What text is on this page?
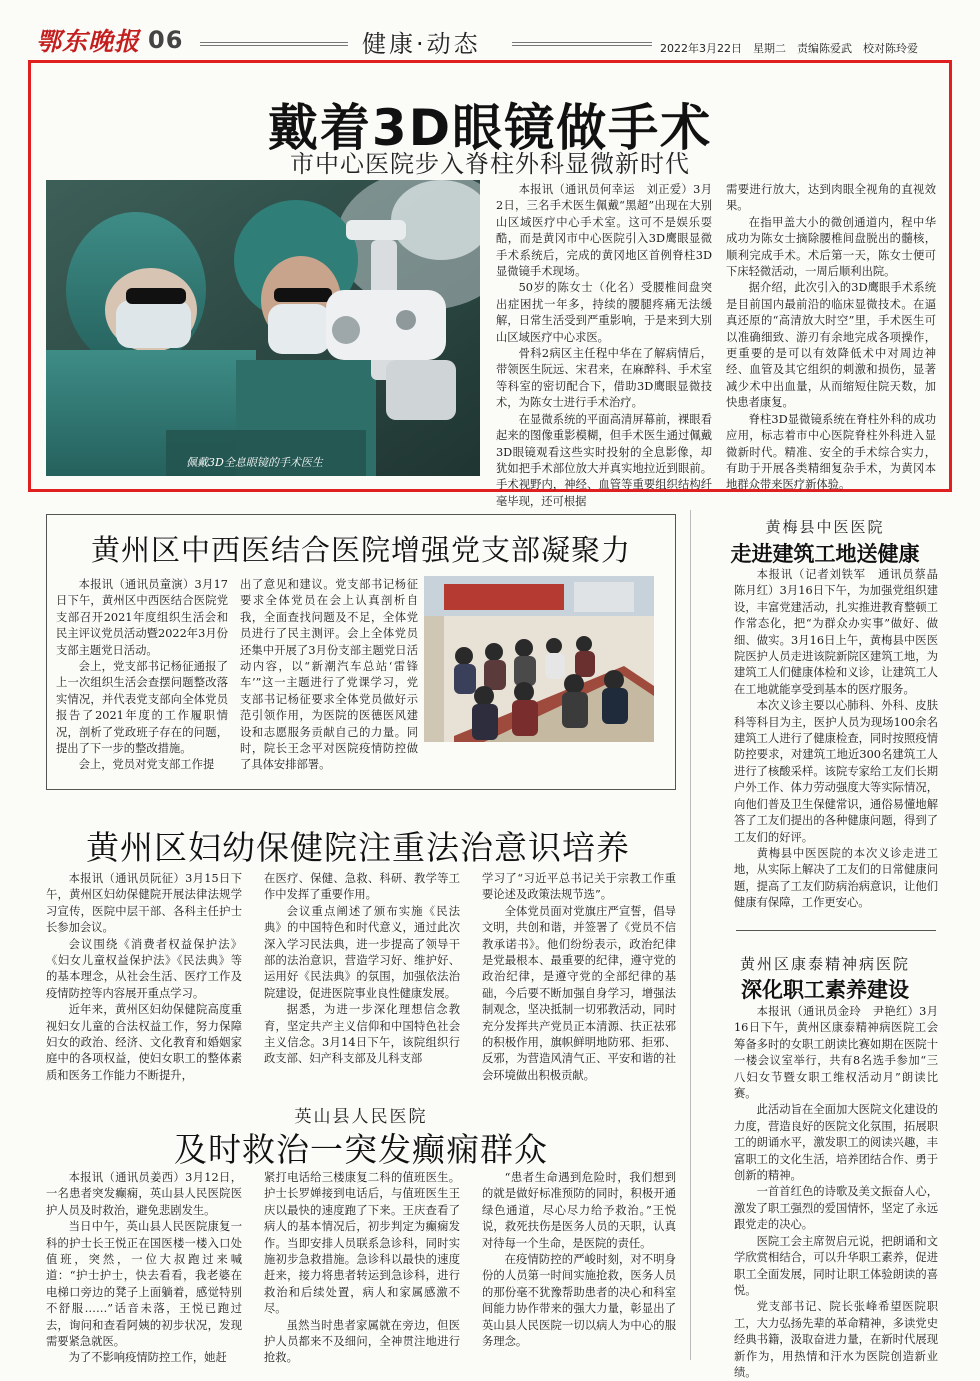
鄂东晚报 06	健康·动态	2022年3月22日　星期二　责编陈爱武　校对陈玲爱
戴着3D眼镜做手术
市中心医院步入脊柱外科显微新时代
佩戴3D全息眼镜的手术医生

本报讯（通讯员何幸运　刘正爱）3月2日，三名手术医生佩戴“黑超”出现在大别山区域医疗中心手术室。这可不是娱乐耍酷，而是黄冈市中心医院引入3D鹰眼显微手术系统后，完成的黄冈地区首例脊柱3D显微镜手术现场。

50岁的陈女士（化名）受腰椎间盘突出症困扰一年多，持续的腰腿疼痛无法缓解，日常生活受到严重影响，于是来到大别山区域医疗中心求医。

骨科2病区主任程中华在了解病情后，带领医生阮远、宋君来，在麻醉科、手术室等科室的密切配合下，借助3D鹰眼显微技术，为陈女士进行手术治疗。

在显微系统的平面高清屏幕前，裸眼看起来的图像重影模糊，但手术医生通过佩戴3D眼镜观看这些实时投射的全息影像，却犹如把手术部位放大并真实地拉近到眼前。手术视野内，神经、血管等重要组织结构纤毫毕现，还可根据

需要进行放大，达到肉眼全视角的直视效果。

在指甲盖大小的微创通道内，程中华成功为陈女士摘除腰椎间盘脱出的髓核，顺利完成手术。术后第一天，陈女士便可下床轻微活动，一周后顺利出院。

据介绍，此次引入的3D鹰眼手术系统是目前国内最前沿的临床显微技术。在逼真还原的“高清放大时空”里，手术医生可以准确细致、游刃有余地完成各项操作，更重要的是可以有效降低术中对周边神经、血管及其它组织的刺激和损伤，显著减少术中出血量，从而缩短住院天数，加快患者康复。

脊柱3D显微镜系统在脊柱外科的成功应用，标志着市中心医院脊柱外科进入显微新时代。精准、安全的手术综合实力，有助于开展各类精细复杂手术，为黄冈本地群众带来医疗新体验。

黄州区中西医结合医院增强党支部凝聚力

本报讯（通讯员童演）3月17日下午，黄州区中西医结合医院党支部召开2021年度组织生活会和民主评议党员活动暨2022年3月份支部主题党日活动。

会上，党支部书记杨征通报了上一次组织生活会查摆问题整改落实情况，并代表党支部向全体党员报告了2021年度的工作履职情况，剖析了党政班子存在的问题，提出了下一步的整改措施。

会上，党员对党支部工作提

出了意见和建议。党支部书记杨征要求全体党员在会上认真剖析自我，全面查找问题及不足，全体党员进行了民主测评。会上全体党员还集中开展了3月份支部主题党日活动内容，以“新潮汽车总站‘雷锋车’”这一主题进行了党课学习，党支部书记杨征要求全体党员做好示范引领作用，为医院的医德医风建设和志愿服务贡献自己的力量。同时，院长王念平对医院疫情防控做了具体安排部署。

黄州区妇幼保健院注重法治意识培养

本报讯（通讯员阮征）3月15日下午，黄州区妇幼保健院开展法律法规学习宣传，医院中层干部、各科主任护士长参加会议。

会议围绕《消费者权益保护法》《妇女儿童权益保护法》《民法典》等的基本理念，从社会生活、医疗工作及疫情防控等内容展开重点学习。

近年来，黄州区妇幼保健院高度重视妇女儿童的合法权益工作，努力保障妇女的政治、经济、文化教育和婚姻家庭中的各项权益，使妇女职工的整体素质和医务工作能力不断提升，

在医疗、保健、急救、科研、教学等工作中发挥了重要作用。

会议重点阐述了颁布实施《民法典》的中国特色和时代意义，通过此次深入学习民法典，进一步提高了领导干部的法治意识，营造学习好、维护好、运用好《民法典》的氛围，加强依法治院建设，促进医院事业良性健康发展。

据悉，为进一步深化理想信念教育，坚定共产主义信仰和中国特色社会主义信念。3月14日下午，该院组织行政支部、妇产科支部及儿科支部

学习了“习近平总书记关于宗教工作重要论述及政策法规节选”。

全体党员面对党旗庄严宣誓，倡导文明，共创和谐，并签署了《党员不信教承诺书》。他们纷纷表示，政治纪律是党最根本、最重要的纪律，遵守党的政治纪律，是遵守党的全部纪律的基础，今后要不断加强自身学习，增强法制观念，坚决抵制一切邪教活动，同时充分发挥共产党员正本清源、扶正祛邪的积极作用，旗帜鲜明地防邪、拒邪、反邪，为营造风清气正、平安和谐的社会环境做出积极贡献。

英山县人民医院
及时救治一突发癫痫群众

本报讯（通讯员姜西）3月12日，一名患者突发癫痫，英山县人民医院医护人员及时救治，避免悲剧发生。

当日中午，英山县人民医院康复一科的护士长王悦正在国医楼一楼入口处值班，突然，一位大叔跑过来喊道：“护士护士，快去看看，我老婆在电梯口旁边的凳子上面躺着，感觉特别不舒服……”话音未落，王悦已跑过去，询问和查看阿姨的初步状况，发现需要紧急就医。

为了不影响疫情防控工作，她赶

紧打电话给三楼康复二科的值班医生。护士长罗婵接到电话后，与值班医生王庆以最快的速度跑了下来。王庆查看了病人的基本情况后，初步判定为癫痫发作。当即安排人员联系急诊科，同时实施初步急救措施。急诊科以最快的速度赶来，接力将患者转运到急诊科，进行救治和后续处置，病人和家属感激不尽。

虽然当时患者家属就在旁边，但医护人员都来不及细问，全神贯注地进行抢救。

“患者生命遇到危险时，我们想到的就是做好标准预防的同时，积极开通绿色通道，尽心尽力给予救治。”王悦说，救死扶伤是医务人员的天职，认真对待每一个生命，是医院的责任。

在疫情防控的严峻时刻，对不明身份的人员第一时间实施抢救，医务人员的那份毫不犹豫帮助患者的决心和科室间能力协作带来的强大力量，彰显出了英山县人民医院一切以病人为中心的服务理念。

黄梅县中医医院
走进建筑工地送健康

本报讯（记者刘铁军　通讯员蔡晶　陈月红）3月16日下午，为加强党组织建设，丰富党建活动，扎实推进教育整顿工作常态化，把“为群众办实事”做好、做细、做实。3月16日上午，黄梅县中医医院医护人员走进该院新院区建筑工地，为建筑工人们健康体检和义诊，让建筑工人在工地就能享受到基本的医疗服务。

本次义诊主要以心肺科、外科、皮肤科等科目为主，医护人员为现场100余名建筑工人进行了健康检查，同时按照疫情防控要求，对建筑工地近300名建筑工人进行了核酸采样。该院专家给工友们长期户外工作、体力劳动强度大等实际情况，向他们普及卫生保健常识，通俗易懂地解答了工友们提出的各种健康问题，得到了工友们的好评。

黄梅县中医医院的本次义诊走进工地，从实际上解决了工友们的日常健康问题，提高了工友们防病治病意识，让他们健康有保障，工作更安心。

黄州区康泰精神病医院
深化职工素养建设

本报讯（通讯员金玲　尹艳红）3月16日下午，黄州区康泰精神病医院工会筹备多时的女职工朗读比赛如期在医院十一楼会议室举行，共有8名选手参加“三八妇女节暨女职工维权活动月”朗读比赛。

此活动旨在全面加大医院文化建设的力度，营造良好的医院文化氛围，拓展职工的朗诵水平，激发职工的阅读兴趣，丰富职工的文化生活，培养团结合作、勇于创新的精神。

一首首红色的诗歌及美文振奋人心，激发了职工强烈的爱国情怀，坚定了永远跟党走的决心。

医院工会主席贺启元说，把朗诵和文学欣赏相结合，可以升华职工素养，促进职工全面发展，同时让职工体验朗读的喜悦。

党支部书记、院长张峰希望医院职工，大力弘扬先辈的革命精神，多读党史经典书籍，汲取奋进力量，在新时代展现新作为，用热情和汗水为医院创造新业绩。
